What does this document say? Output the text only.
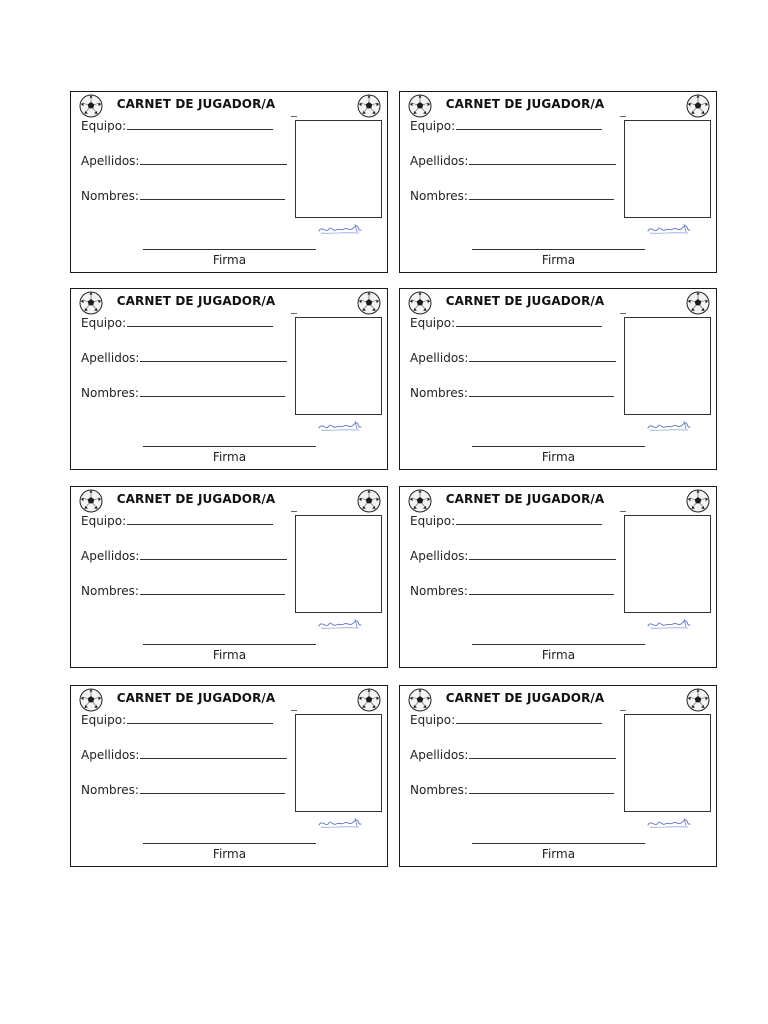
CARNET DE JUGADOR/A
Equipo:
Apellidos:
Nombres:
Firma
CARNET DE JUGADOR/A
Equipo:
Apellidos:
Nombres:
Firma
CARNET DE JUGADOR/A
Equipo:
Apellidos:
Nombres:
Firma
CARNET DE JUGADOR/A
Equipo:
Apellidos:
Nombres:
Firma
CARNET DE JUGADOR/A
Equipo:
Apellidos:
Nombres:
Firma
CARNET DE JUGADOR/A
Equipo:
Apellidos:
Nombres:
Firma
CARNET DE JUGADOR/A
Equipo:
Apellidos:
Nombres:
Firma
CARNET DE JUGADOR/A
Equipo:
Apellidos:
Nombres:
Firma
